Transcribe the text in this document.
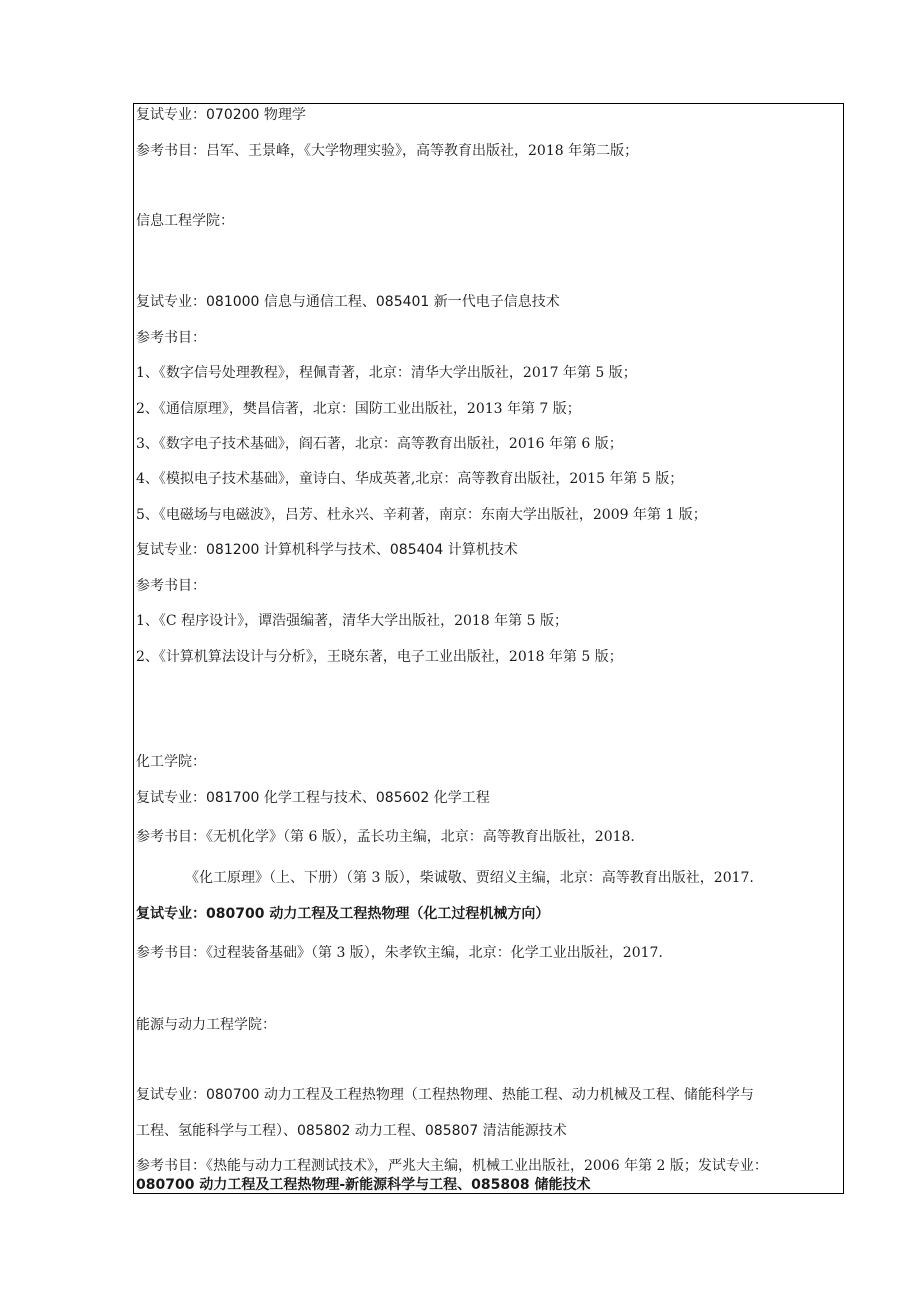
复试专业：070200 物理学
参考书目：吕军、王景峰，《大学物理实验》，高等教育出版社，2018 年第二版；
信息工程学院：
复试专业：081000 信息与通信工程、085401 新一代电子信息技术
参考书目：
1、《数字信号处理教程》，程佩青著，北京：清华大学出版社，2017 年第 5 版；
2、《通信原理》，樊昌信著，北京：国防工业出版社，2013 年第 7 版；
3、《数字电子技术基础》，阎石著，北京：高等教育出版社，2016 年第 6 版；
4、《模拟电子技术基础》，童诗白、华成英著,北京：高等教育出版社，2015 年第 5 版；
5、《电磁场与电磁波》，吕芳、杜永兴、辛莉著，南京：东南大学出版社，2009 年第 1 版；
复试专业：081200 计算机科学与技术、085404 计算机技术
参考书目：
1、《C 程序设计》，谭浩强编著，清华大学出版社，2018 年第 5 版；
2、《计算机算法设计与分析》，王晓东著，电子工业出版社，2018 年第 5 版；
化工学院：
复试专业：081700 化学工程与技术、085602 化学工程
参考书目：《无机化学》（第 6 版），孟长功主编，北京：高等教育出版社，2018.
《化工原理》（上、下册）（第 3 版），柴诚敬、贾绍义主编，北京：高等教育出版社，2017.
复试专业：080700 动力工程及工程热物理（化工过程机械方向）
参考书目：《过程装备基础》（第 3 版），朱孝钦主编，北京：化学工业出版社，2017.
能源与动力工程学院：
复试专业：080700 动力工程及工程热物理（工程热物理、热能工程、动力机械及工程、储能科学与
工程、氢能科学与工程）、085802 动力工程、085807 清洁能源技术
参考书目：《热能与动力工程测试技术》，严兆大主编，机械工业出版社，2006 年第 2 版；发试专业：
080700 动力工程及工程热物理-新能源科学与工程、085808 储能技术
